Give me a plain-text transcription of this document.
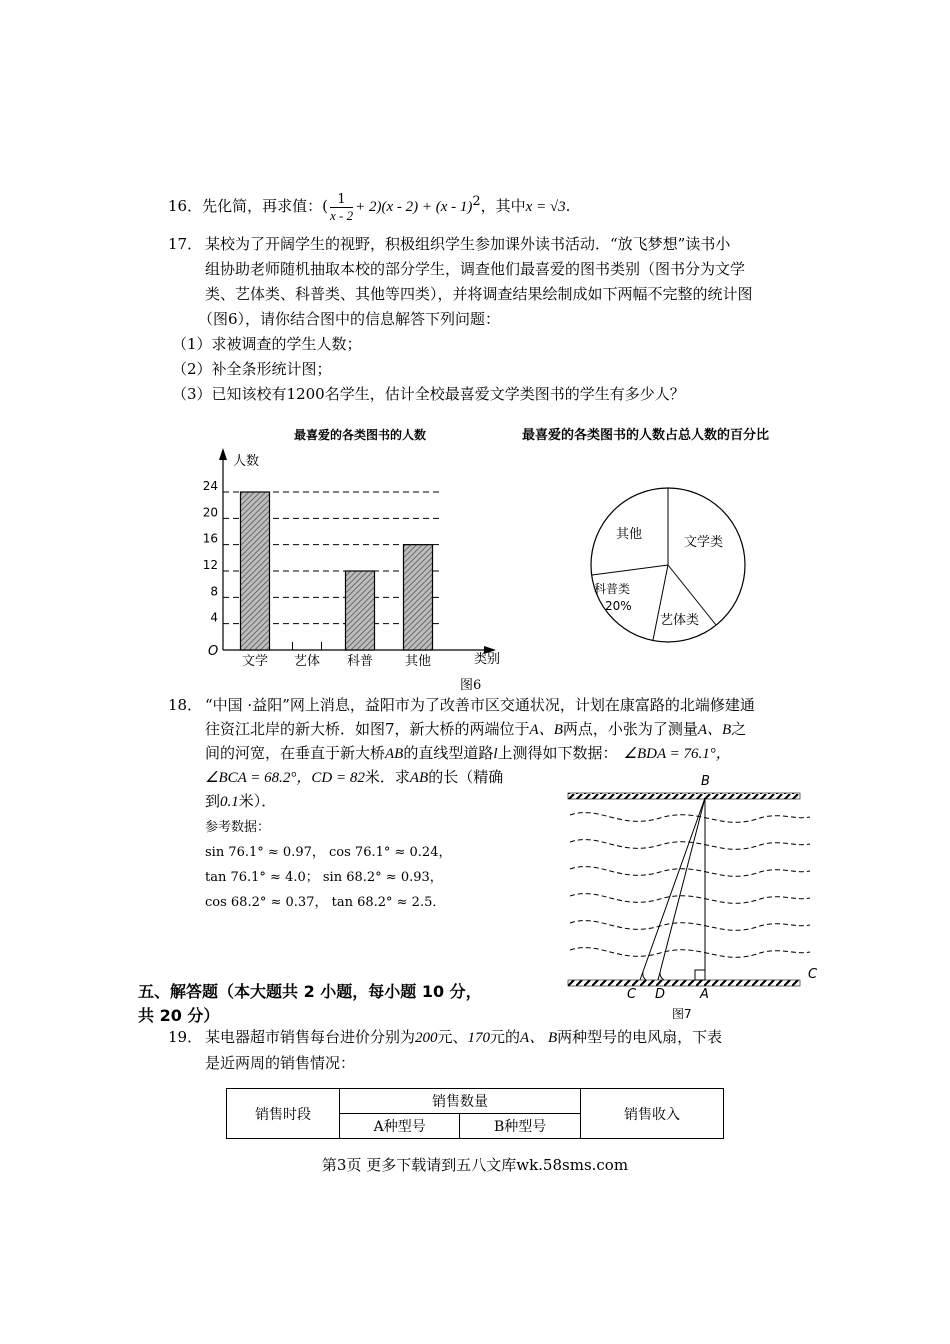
16．先化简，再求值：( $\frac{1}{x - 2} + 2)(x - 2) + (x - 1)^2$，其中x = √3.
17． 某校为了开阔学生的视野，积极组织学生参加课外读书活动．“放飞梦想”读书小
组协助老师随机抽取本校的部分学生，调查他们最喜爱的图书类别（图书分为文学
类、艺体类、科普类、其他等四类），并将调查结果绘制成如下两幅不完整的统计图
（图6），请你结合图中的信息解答下列问题：
（1）求被调查的学生人数；
（2）补全条形统计图；
（3）已知该校有1200名学生，估计全校最喜爱文学类图书的学生有多少人？
最喜爱的各类图书的人数
人数
类别
O
4
8
12
16
20
24
文学 艺体 科普 其他
最喜爱的各类图书的人数占总人数的百分比
文学类
艺体类
科普类
20%
其他
图6
18． “中国 ·益阳”网上消息，益阳市为了改善市区交通状况，计划在康富路的北端修建通
往资江北岸的新大桥．如图7，新大桥的两端位于A、B两点，小张为了测量A、B之
间的河宽，在垂直于新大桥AB的直线型道路l上测得如下数据： ∠BDA = 76.1°，
∠BCA = 68.2°，CD = 82米．求AB的长（精确
到0.1米）．
参考数据：
sin 76.1° ≈ 0.97， cos 76.1° ≈ 0.24，
tan 76.1° ≈ 4.0； sin 68.2° ≈ 0.93，
cos 68.2° ≈ 0.37， tan 68.2° ≈ 2.5．
B
C D	A
C
图7
五、解答题（本大题共 2 小题，每小题 10 分，
共 20 分）
19． 某电器超市销售每台进价分别为200元、170元的A、 B两种型号的电风扇，下表
是近两周的销售情况：
销售时段	销售数量		销售收入
	A种型号	B种型号	
第3页 更多下载请到五八文库wk.58sms.com
